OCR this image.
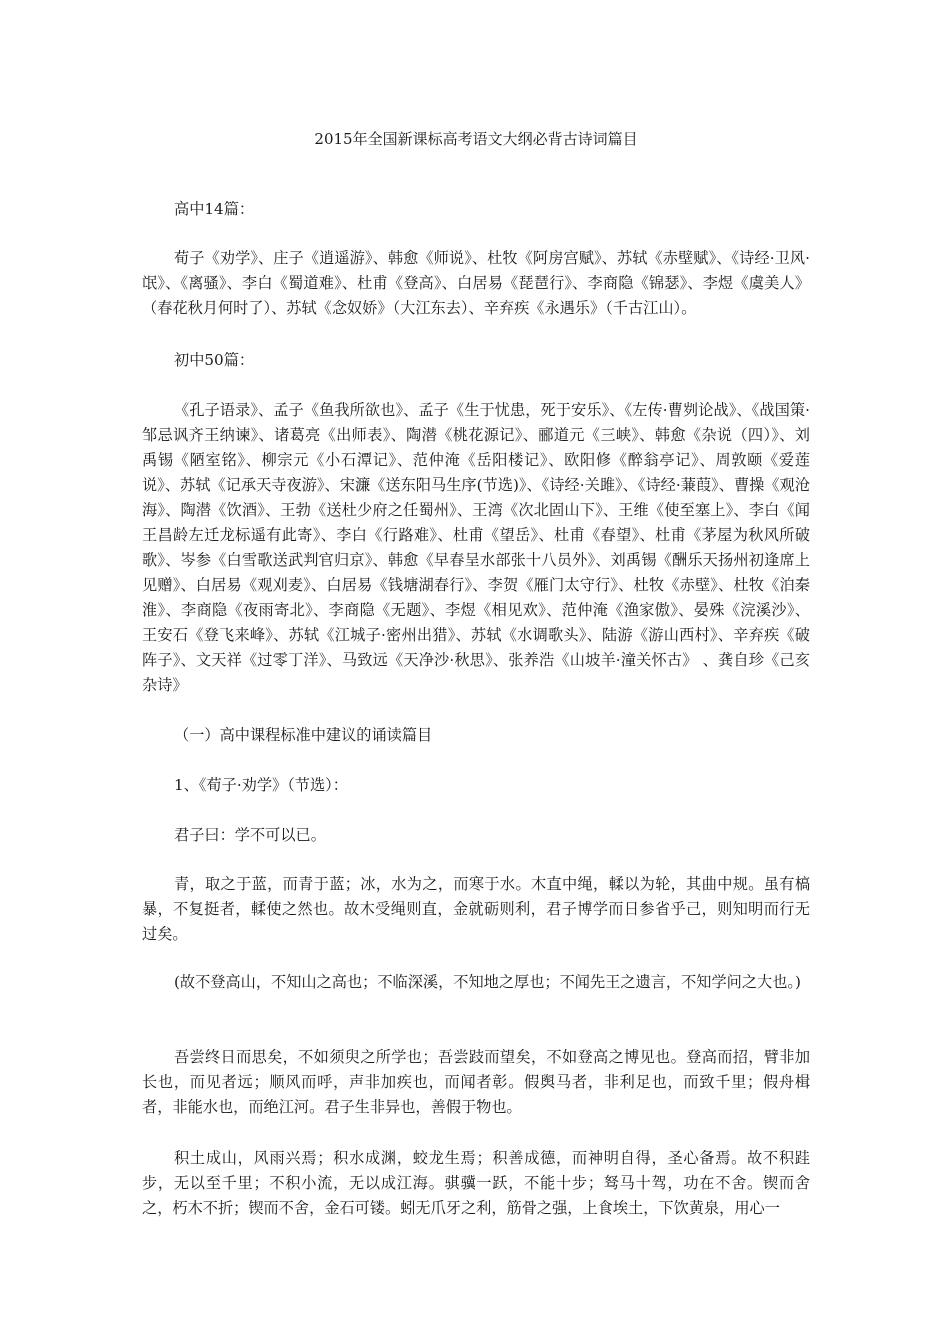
2015年全国新课标高考语文大纲必背古诗词篇目

高中14篇：

荀子《劝学》、庄子《逍遥游》、韩愈《师说》、杜牧《阿房宫赋》、苏轼《赤壁赋》、《诗经·卫风·氓》、《离骚》、李白《蜀道难》、杜甫《登高》、白居易《琵琶行》、李商隐《锦瑟》、李煜《虞美人》（春花秋月何时了）、苏轼《念奴娇》（大江东去）、辛弃疾《永遇乐》（千古江山）。

初中50篇：

《孔子语录》、孟子《鱼我所欲也》、孟子《生于忧患，死于安乐》、《左传·曹刿论战》、《战国策·邹忌讽齐王纳谏》、诸葛亮《出师表》、陶潜《桃花源记》、郦道元《三峡》、韩愈《杂说（四）》、刘禹锡《陋室铭》、柳宗元《小石潭记》、范仲淹《岳阳楼记》、欧阳修《醉翁亭记》、周敦颐《爱莲说》、苏轼《记承天寺夜游》、宋濂《送东阳马生序(节选)》、《诗经·关雎》、《诗经·蒹葭》、曹操《观沧海》、陶潜《饮酒》、王勃《送杜少府之任蜀州》、王湾《次北固山下》、王维《使至塞上》、李白《闻王昌龄左迁龙标遥有此寄》、李白《行路难》、杜甫《望岳》、杜甫《春望》、杜甫《茅屋为秋风所破歌》、岑参《白雪歌送武判官归京》、韩愈《早春呈水部张十八员外》、刘禹锡《酬乐天扬州初逢席上见赠》、白居易《观刈麦》、白居易《钱塘湖春行》、李贺《雁门太守行》、杜牧《赤壁》、杜牧《泊秦淮》、李商隐《夜雨寄北》、李商隐《无题》、李煜《相见欢》、范仲淹《渔家傲》、晏殊《浣溪沙》、王安石《登飞来峰》、苏轼《江城子·密州出猎》、苏轼《水调歌头》、陆游《游山西村》、辛弃疾《破阵子》、文天祥《过零丁洋》、马致远《天净沙·秋思》、张养浩《山坡羊·潼关怀古》 、龚自珍《己亥杂诗》

（一）高中课程标准中建议的诵读篇目

1、《荀子·劝学》（节选）：

君子曰：学不可以已。

青，取之于蓝，而青于蓝；冰，水为之，而寒于水。木直中绳，輮以为轮，其曲中规。虽有槁暴，不复挺者，輮使之然也。故木受绳则直，金就砺则利，君子博学而日参省乎己，则知明而行无过矣。

(故不登高山，不知山之高也；不临深溪，不知地之厚也；不闻先王之遗言，不知学问之大也。)

吾尝终日而思矣，不如须臾之所学也；吾尝跂而望矣，不如登高之博见也。登高而招，臂非加长也，而见者远；顺风而呼，声非加疾也，而闻者彰。假舆马者，非利足也，而致千里；假舟楫者，非能水也，而绝江河。君子生非异也，善假于物也。

积土成山，风雨兴焉；积水成渊，蛟龙生焉；积善成德，而神明自得，圣心备焉。故不积跬步，无以至千里；不积小流，无以成江海。骐骥一跃，不能十步；驽马十驾，功在不舍。锲而舍之，朽木不折；锲而不舍，金石可镂。蚓无爪牙之利，筋骨之强，上食埃土，下饮黄泉，用心一
